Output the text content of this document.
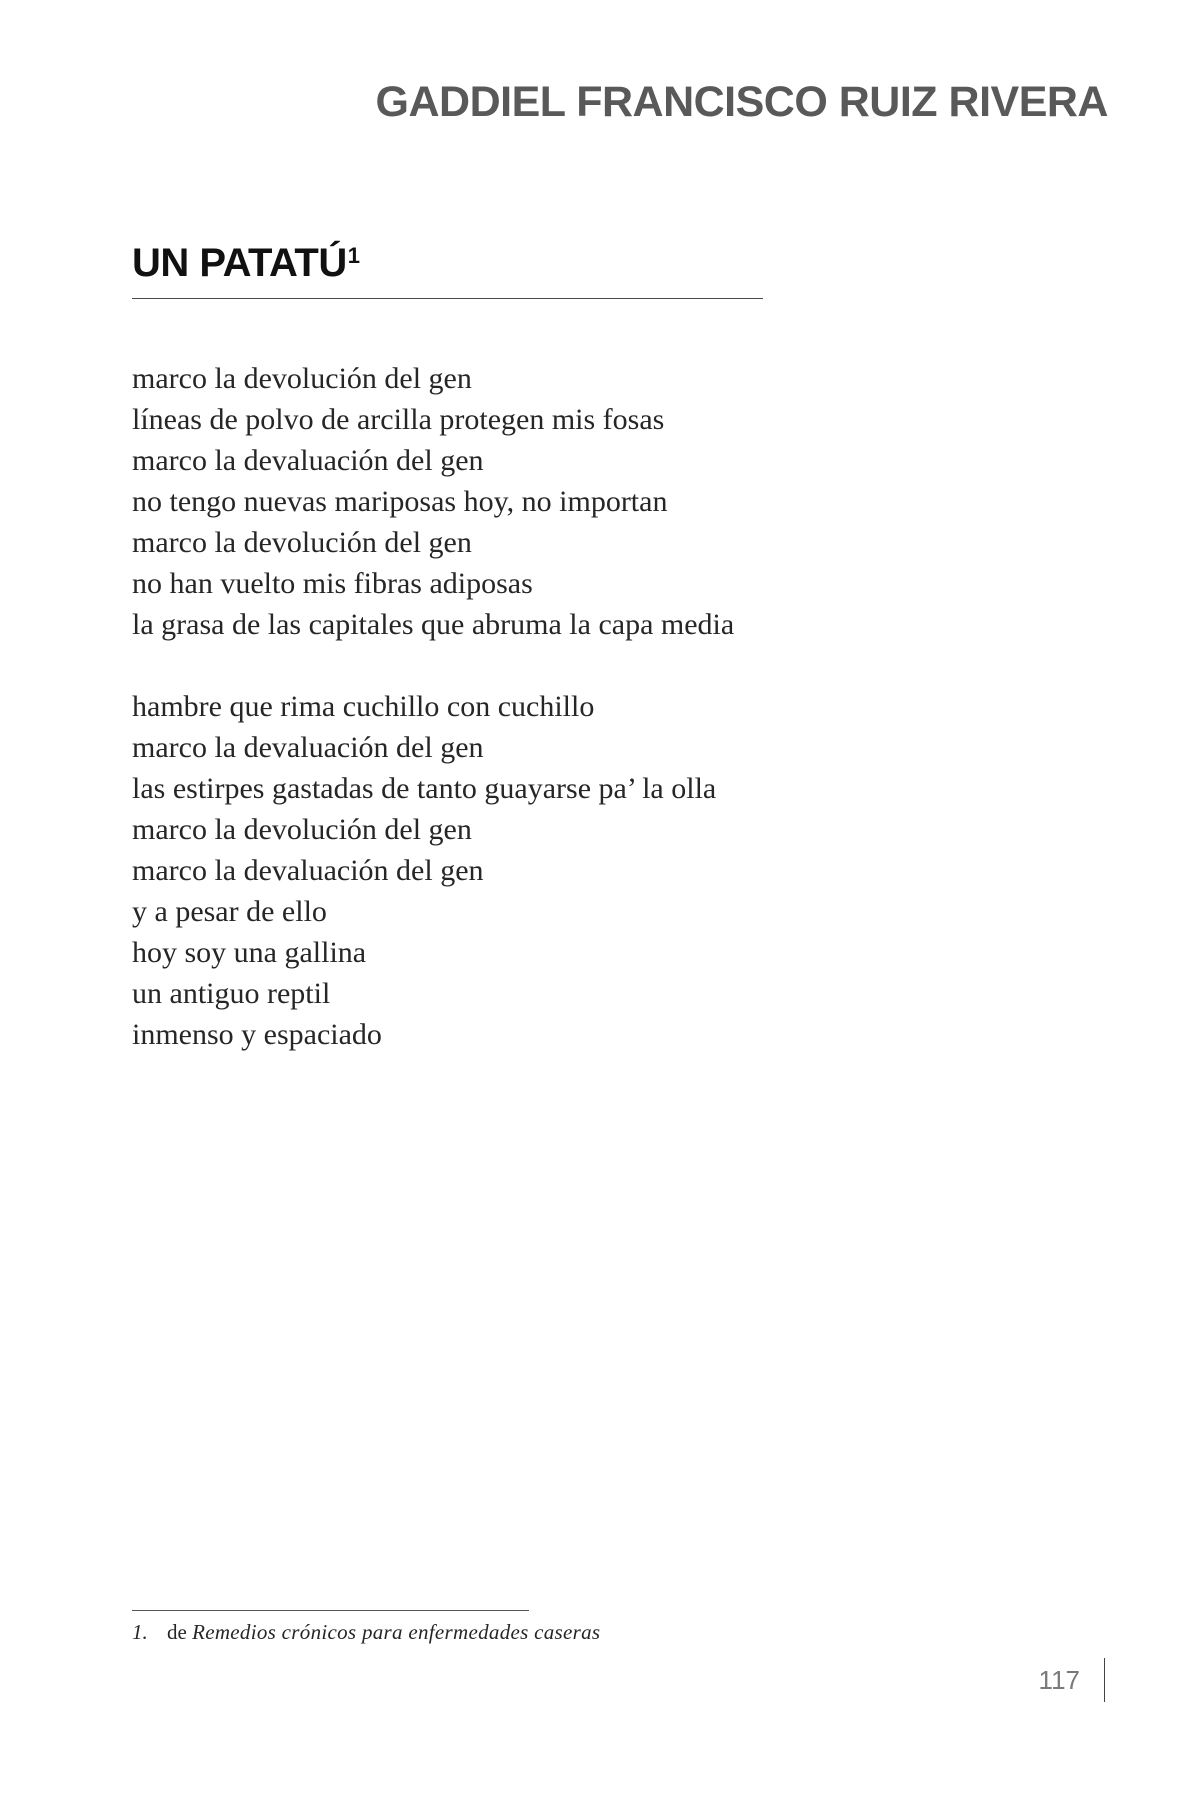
GADDIEL FRANCISCO RUIZ RIVERA
UN PATATÚ$^1$

marco la devolución del gen
líneas de polvo de arcilla protegen mis fosas
marco la devaluación del gen
no tengo nuevas mariposas hoy, no importan
marco la devolución del gen
no han vuelto mis fibras adiposas
la grasa de las capitales que abruma la capa media

hambre que rima cuchillo con cuchillo
marco la devaluación del gen
las estirpes gastadas de tanto guayarse pa’ la olla
marco la devolución del gen
marco la devaluación del gen
y a pesar de ello
hoy soy una gallina
un antiguo reptil
inmenso y espaciado

1. de Remedios crónicos para enfermedades caseras
117
